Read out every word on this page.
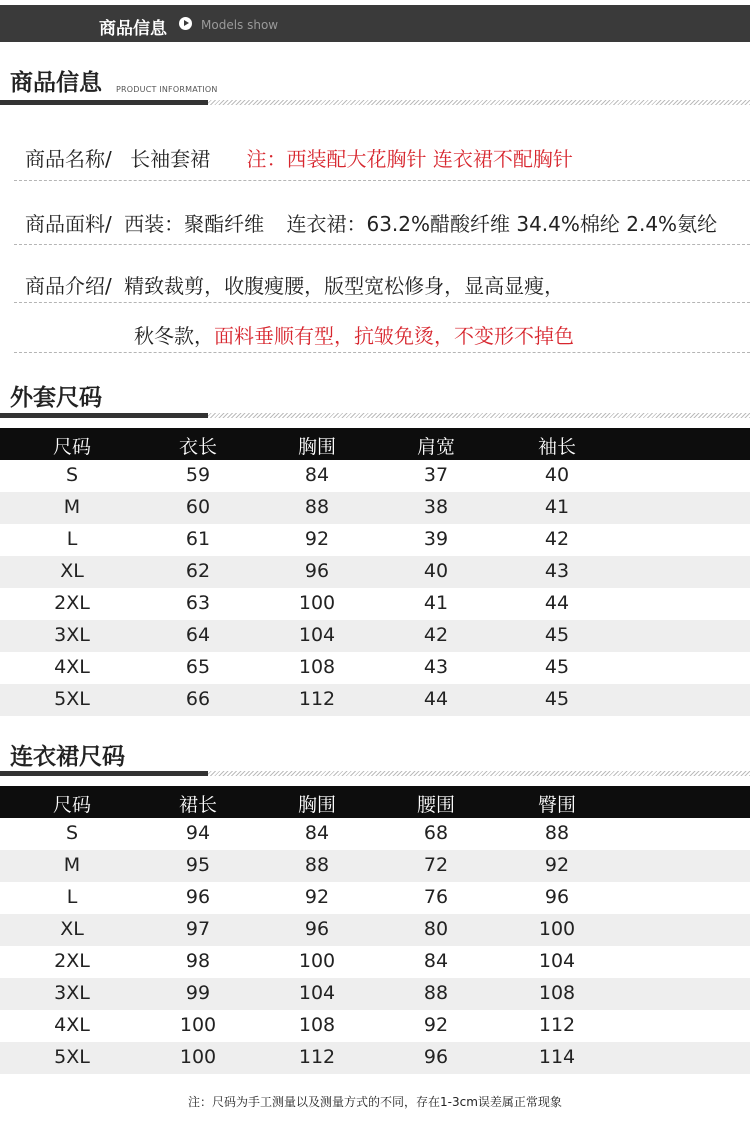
商品信息	Models show
商品信息 PRODUCT INFORMATION
商品名称/ 长袖套裙 注：西装配大花胸针 连衣裙不配胸针
商品面料/ 西装：聚酯纤维 连衣裙：63.2%醋酸纤维 34.4%棉纶 2.4%氨纶
商品介绍/ 精致裁剪，收腹瘦腰，版型宽松修身，显高显瘦，
秋冬款，面料垂顺有型，抗皱免烫，不变形不掉色
外套尺码
尺码	衣长	胸围	肩宽	袖长
S	59	84	37	40
M	60	88	38	41
L	61	92	39	42
XL	62	96	40	43
2XL	63	100	41	44
3XL	64	104	42	45
4XL	65	108	43	45
5XL	66	112	44	45
连衣裙尺码
尺码	裙长	胸围	腰围	臀围
S	94	84	68	88
M	95	88	72	92
L	96	92	76	96
XL	97	96	80	100
2XL	98	100	84	104
3XL	99	104	88	108
4XL	100	108	92	112
5XL	100	112	96	114
注：尺码为手工测量以及测量方式的不同，存在1-3cm误差属正常现象
